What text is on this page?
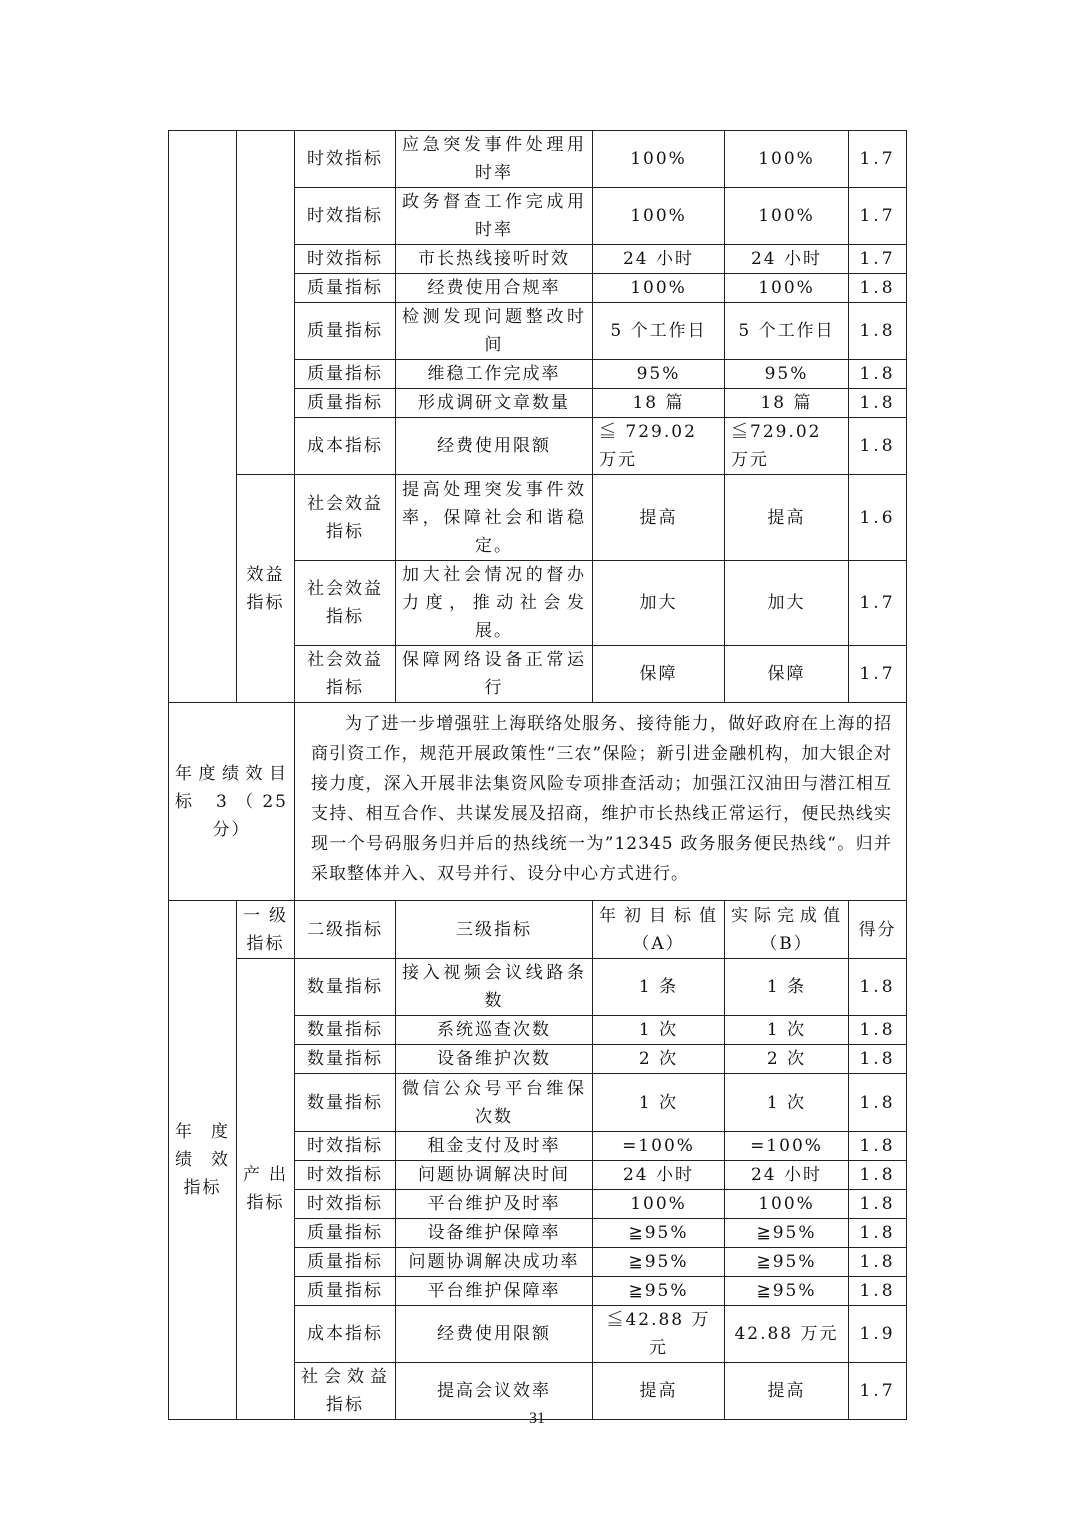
		时效指标	应急突发事件处理用时率	100%	100%	1.7
		时效指标	政务督查工作完成用时率	100%	100%	1.7
		时效指标	市长热线接听时效	24 小时	24 小时	1.7
		质量指标	经费使用合规率	100%	100%	1.8
		质量指标	检测发现问题整改时间	5 个工作日	5 个工作日	1.8
		质量指标	维稳工作完成率	95%	95%	1.8
		质量指标	形成调研文章数量	18 篇	18 篇	1.8
		成本指标	经费使用限额	≦ 729.02 万元	≦729.02 万元	1.8
	效益指标	社会效益指标	提高处理突发事件效率，保障社会和谐稳定。	提高	提高	1.6
		社会效益指标	加大社会情况的督办力度，推动社会发展。	加大	加大	1.7
		社会效益指标	保障网络设备正常运行	保障	保障	1.7
年度绩效目标 3（25 分）		为了进一步增强驻上海联络处服务、接待能力，做好政府在上海的招商引资工作，规范开展政策性“三农”保险；新引进金融机构，加大银企对接力度，深入开展非法集资风险专项排查活动；加强江汉油田与潜江相互支持、相互合作、共谋发展及招商，维护市长热线正常运行，便民热线实现一个号码服务归并后的热线统一为”12345 政务服务便民热线“。归并采取整体并入、双号并行、设分中心方式进行。				
年度绩效指标	一级指标	二级指标	三级指标	年初目标值（A）	实际完成值（B）	得分
	产出指标	数量指标	接入视频会议线路条数	1 条	1 条	1.8
		数量指标	系统巡查次数	1 次	1 次	1.8
		数量指标	设备维护次数	2 次	2 次	1.8
		数量指标	微信公众号平台维保次数	1 次	1 次	1.8
		时效指标	租金支付及时率	=100%	=100%	1.8
		时效指标	问题协调解决时间	24 小时	24 小时	1.8
		时效指标	平台维护及时率	100%	100%	1.8
		质量指标	设备维护保障率	≧95%	≧95%	1.8
		质量指标	问题协调解决成功率	≧95%	≧95%	1.8
		质量指标	平台维护保障率	≧95%	≧95%	1.8
		成本指标	经费使用限额	≦42.88 万元	42.88 万元	1.9
		社会效益指标	提高会议效率	提高	提高	1.7
31
